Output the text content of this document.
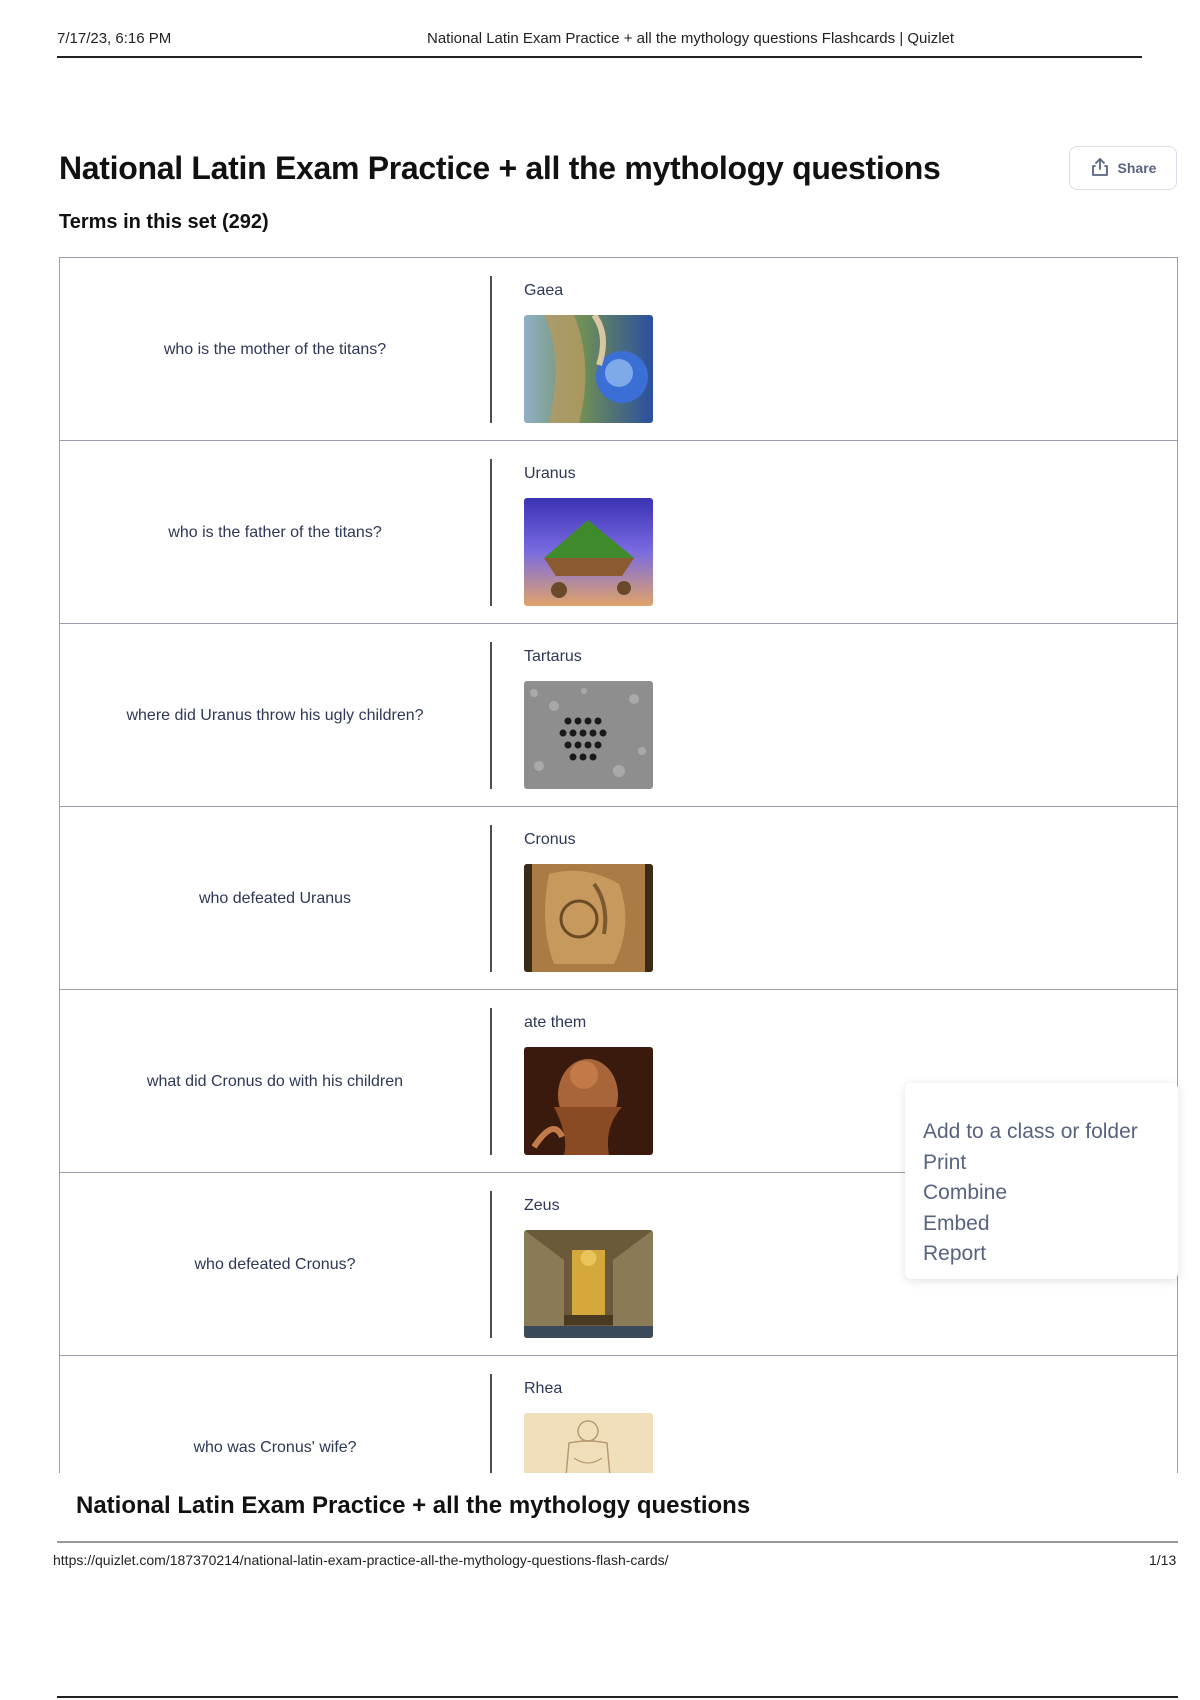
7/17/23, 6:16 PM	National Latin Exam Practice + all the mythology questions Flashcards | Quizlet
National Latin Exam Practice + all the mythology questions	Share
Terms in this set (292)
who is the mother of the titans?
Gaea
who is the father of the titans?
Uranus
where did Uranus throw his ugly children?
Tartarus
who defeated Uranus
Cronus
what did Cronus do with his children
ate them
who defeated Cronus?
Zeus
who was Cronus' wife?
Rhea
Add to a class or folder
Print
Combine
Embed
Report
National Latin Exam Practice + all the mythology questions
https://quizlet.com/187370214/national-latin-exam-practice-all-the-mythology-questions-flash-cards/	1/13
